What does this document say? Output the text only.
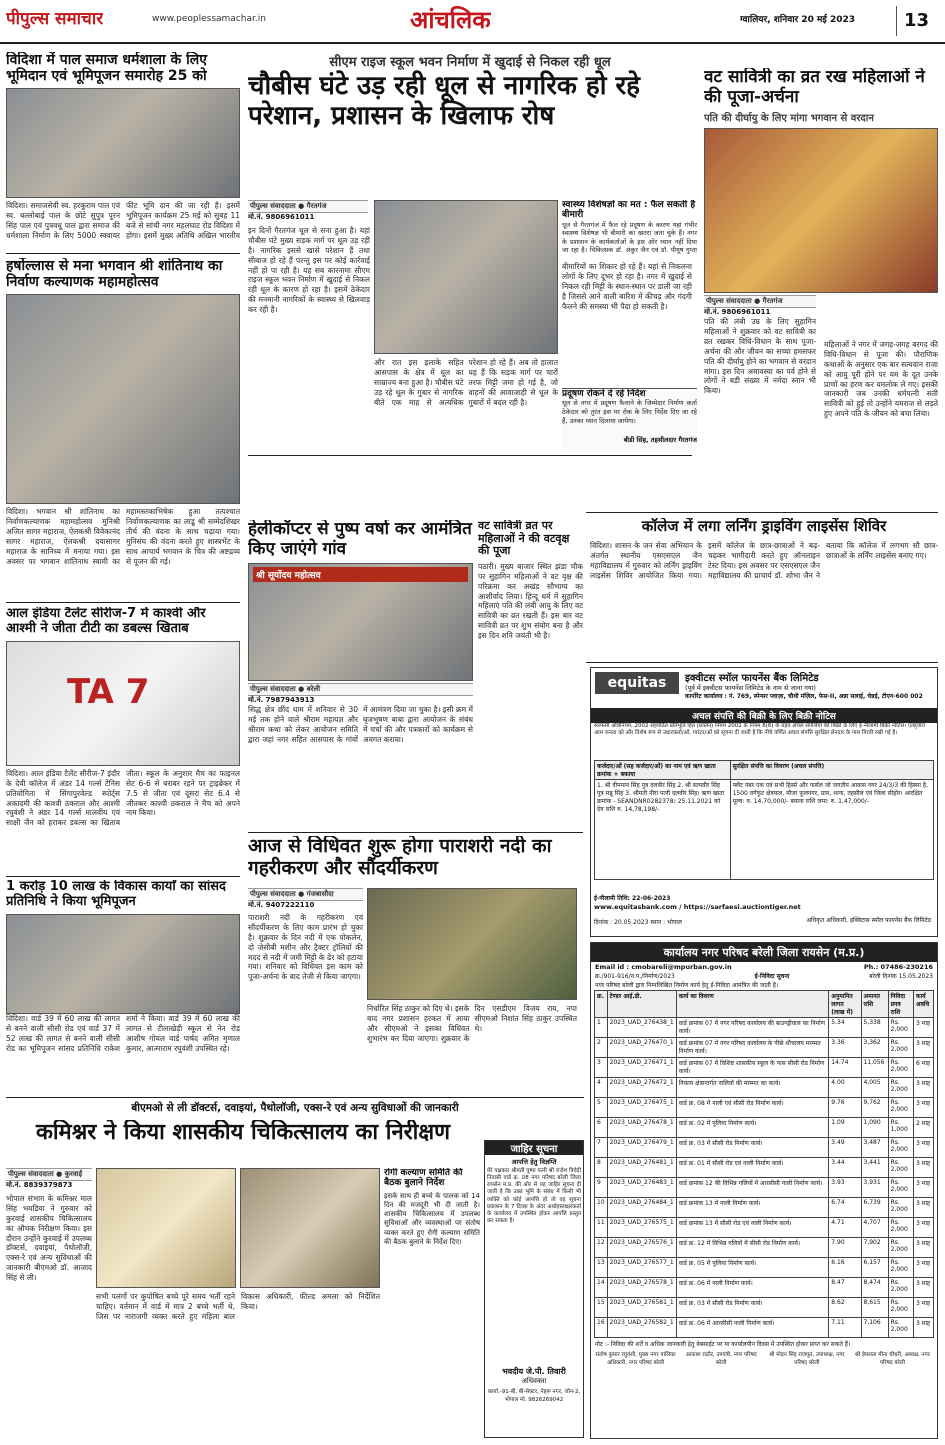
पीपुल्स समाचार	www.peoplessamachar.in	आंचलिक	ग्वालियर, शनिवार 20 मई 2023	13
विदिशा में पाल समाज धर्मशाला के लिए भूमिदान एवं भूमिपूजन समारोह 25 को
विदिशा। समाजसेवी स्व. हरकूराम पाल एवं स्व. बल्लोबाई पाल के छोटे सुपुत्र पूरन सिंह पाल एवं पुत्रवधू पाल द्वारा समाज की धर्मशाला निर्माण के लिए 5000 स्क्वायर फीट भूमि दान की जा रही है। इसमें भूमिपूजन कार्यक्रम 25 मई को सुबह 11 बजे से सांची नगर महलघाट रोड विदिशा में होगा। इसमें मुख्य अतिथि अखिल भारतीय
हर्षोल्लास से मना भगवान श्री शांतिनाथ का निर्वाण कल्याणक महामहोत्सव
विदिशा। भगवान श्री शांतिनाथ का निर्वाणकल्याणक महामहोत्सव मुनिश्री अजित सागर महाराज, ऐलकश्री विवेकानंद सागर महाराज, ऐलकश्री दयासागर महाराज के सानिध्य में मनाया गया। इस अवसर पर भगवान शांतिनाथ स्वामी का महामस्तकाभिषेक हुआ तत्पश्चात निर्वाणकल्याणक का लाडू श्री सम्मेदशिखर तीर्थ की वंदना के साथ चढ़ाया गया। मुनिसंघ की वंदना करते हुए शास्त्रभेंट के साथ आचार्य भगवान के चित्र की अष्टद्रव्य से पूजन की गई।
आल इंडिया टैलेंट सीरीज-7 में काश्वी और आश्मी ने जीता टीटी का डबल्स खिताब
TA 7
विदिशा। आल इंडिया टैलेंट सीरीज-7 इंदौर के देवी कॉलेज में अंडर 14 गर्ल्स टेनिस प्रतियोगिता में सिंगापुरवेल्ड स्पोर्ट्स अकादमी की काश्वी ठकराल और आश्मी रघुवंशी ने अंडर 14 गर्ल्स मालवीय एवं साक्षी जैन को हराकर डबल्स का खिताब जीता। स्कूल के अनुशार मैच का फाइनल सेट 6-6 से बराबर रहने पर ट्राइब्रेकर में 7.5 से जीता एवं दूसरा सेट 6.4 से जीतकर काश्वी ठकराल ने मैच को अपने नाम किया।
1 करोड़ 10 लाख के विकास कार्यों का सांसद प्रतिनिधि ने किया भूमिपूजन
विदिशा। वार्ड 39 में 60 लाख की लागत से बनने वाली सीसी रोड एवं वार्ड 37 में 52 लाख की लागत से बनने वाली सीसी रोड का भूमिपूजन सांसद प्रतिनिधि राकेश शर्मा ने किया। वार्ड 39 में 60 लाख की लागत से टीलाखेड़ी स्कूल से नेन रोड आशीष गोयल वार्ड पार्षद अमित मृणाल कुमार, आत्माराम रघुवंशी उपस्थित रहे।
सीएम राइज स्कूल भवन निर्माण में खुदाई से निकल रही धूल
चौबीस घंटे उड़ रही धूल से नागरिक हो रहे परेशान, प्रशासन के खिलाफ रोष
पीपुल्स संवाददाता ● गैरतगंज
मो.नं. 9806961011
इन दिनों गैरतगंज धूल से सना हुआ है। यहां चौबीस घंटे मुख्य सड़क मार्ग पर धूल उड़ रही है। नागरिक इससे खासे परेशान हैं तथा सीबाज हो रहे हैं परन्तु इस पर कोई कार्रवाई नहीं हो पा रही है। यह सब कारनामा सीएम राइज स्कूल भवन निर्माण में खुदाई से निकल रही धूल के कारण हो रहा है। इसमें ठेकेदार की मनमानी नागरिकों के स्वास्थ्य से खिलवाड़ कर रही है।
और रात इस इलाके सहित आसपास के क्षेत्र में धूल का साम्राज्य बना हुआ है। चौबीस घंटे उड़ रहे धूल के गुबार से नागरिक बीते एक माह से अत्यधिक परेशान हो रहे हैं। अब तो हालात यह हैं कि सड़क मार्ग पर चारों तरफ मिट्टी जमा हो गई है, जो वाहनों की आवाजाही से धूल के गुबारों में बदल रही है।
बीमारियों का शिकार हो रहे हैं। यहां से निकलना लोगों के लिए दूभर हो रहा है। नगर में खुदाई से निकल रही मिट्टी के स्थान-स्थान पर डाली जा रही है जिससे आने वाली बारिश में कीचड़ और गंदगी फैलने की समस्या भी पैदा हो सकती है।
स्वास्थ्य विशेषज्ञों का मत : फैल सकती है बीमारी
धूल से गैरतगंज में फैल रहे प्रदूषण के कारण यहां गंभीर स्वास्थ्य विशेषज्ञ भी बीमारी का खतरा जता चुके हैं। नगर के प्रशासन के कार्यकर्ताओं के इस ओर ध्यान नहीं दिया जा रहा है। चिकित्सक डॉ. अंकुर जैन एवं डॉ. पीयूष गुप्ता
प्रदूषण रोकने दे रहे निर्देश
धूल से नगर में प्रदूषण फैलाने के जिम्मेदार निर्माण कर्ता ठेकेदार को तुरंत इस पर रोक के लिए निर्देश दिए जा रहे हैं, उनका ध्यान दिलाया जायेगा।
बीडी सिंह, तहसीलदार गैरतगंज
हेलीकॉप्टर से पुष्प वर्षा कर आमंत्रित किए जाएंगे गांव
श्री सूर्योदय महोत्सव
पीपुल्स संवाददाता ● बरेली
मो.नं. 7987943913
सिद्ध क्षेत्र छींद धाम में शनिवार से 30 मई तक होने वाले श्रीराम महायज्ञ और श्रीराम कथा को लेकर आयोजन समिति द्वारा जहां नगर सहित आसपास के गांवों में आमंत्रण दिया जा चुका है। इसी क्रम में बृजभूषण बाबा द्वारा आयोजन के संबंध में चर्चा की और पत्रकारों को कार्यक्रम से अवगत कराया।
वट सावित्री व्रत पर महिलाओं ने की वटवृक्ष की पूजा
पठारी। मुख्य बाजार स्थित झंडा चौक पर सुहागिन महिलाओं ने वट वृक्ष की परिक्रमा कर अखंड सौभाग्य का आशीर्वाद लिया। हिन्दू धर्म में सुहागिन महिलाएं पति की लंबी आयु के लिए वट सावित्री का व्रत रखती हैं। इस बार वट सावित्री व्रत पर शुभ संयोग बना है और इस दिन शनि जयंती भी है।
आज से विधिवत शुरू होगा पाराशरी नदी का गहरीकरण और सौंदर्यीकरण
पीपुल्स संवाददाता ● गंजबासौदा
मो.नं. 9407222110
पाराशरी नदी के गहरीकरण एवं सौंदर्यीकरण के लिए काम प्रारंभ हो चुका है। शुक्रवार के दिन नदी में एक पोकलेन, दो जेसीबी मशीन और ट्रैक्टर ट्रॉलियों की मदद से नदी में जमी मिट्टी के ढेर को हटाया गया। शनिवार को विधिवत इस काम को पूजा-अर्चना के बाद तेजी से किया जाएगा।
निर्धारित सिंह ठाकुर को दिए थे। इसके बाद नगर प्रशासन हरकत में आया और सीएमओ ने इसका विधिवत शुभारंभ कर दिया जाएगा। शुक्रवार के दिन एसडीएम विजय राय, नपा सीएमओ निशांत सिंह ठाकुर उपस्थित थे।
वट सावित्री का व्रत रख महिलाओं ने की पूजा-अर्चना
पति की दीर्घायु के लिए मांगा भगवान से वरदान
पीपुल्स संवाददाता ● गैरतगंज
मो.नं. 9806961011
पति की लंबी उम्र के लिए सुहागिन महिलाओं ने शुक्रवार को वट सावित्री का व्रत रखकर विधि-विधान के साथ पूजा-अर्चना की और जीवन का सच्चा हमसफर पति की दीर्घायु होने का भगवान से वरदान मांगा। इस दिन अमावस्या का पर्व होने से लोगों ने बड़ी संख्या में नर्मदा स्नान भी किया।
महिलाओं ने नगर में जगह-जगह बरगद की विधि-विधान से पूजा की। पौराणिक कथाओं के अनुसार एक बार सत्यवान राजा को आयु पूरी होने पर यम के दूत उनके प्राणों का हरण कर यमलोक ले गए। इसकी जानकारी जब उनकी धर्मपत्नी सती सावित्री को हुई तो उन्होंने यमराज से लड़ते हुए अपने पति के जीवन को बचा लिया।
कॉलेज में लगा लर्निंग ड्राइविंग लाइसेंस शिविर
विदिशा। शासन के जन सेवा अभियान के अंतर्गत स्थानीय एसएसएल जैन महाविद्यालय में गुरुवार को लर्निंग ड्राइविंग लाइसेंस शिविर आयोजित किया गया। इसमें कॉलेज के छात्र-छात्राओं ने बढ़-चढ़कर भागीदारी करते हुए ऑनलाइन टेस्ट दिया। इस अवसर पर एसएसएल जैन महाविद्यालय की प्राचार्य डॉ. शोभा जैन ने बताया कि कॉलेज में लगभग सौ छात्र-छात्राओं के लर्निंग लाइसेंस बनाए गए।
equitas	इक्वीटस स्मॉल फायनेंस बैंक लिमिटेड
(पूर्व में इक्वीटस फायनेंस लिमिटेड के नाम से जाना गया)
कार्पोरेट कार्यालय : नं. 769, स्पेन्सर प्लाज़ा, चौथी मंज़िल, फेस-II, अन्ना सलाई, चेन्नई, टीएन-600 002
अचल संपत्ति की बिक्री के लिए बिक्री नोटिस
सरफेसी अधिनियम, 2002 सहपठित प्रतिभूति हित (प्रवर्तन) नियम 2002 के नियम 8(6) के तहत अचल संपत्तियों की बिक्री के लिए ई-नीलामी बिक्री नोटिस। एतद्द्वारा आम जनता को और विशेष रूप से उधारकर्ता/ओं, गारंटर/ओं को सूचना दी जाती है कि नीचे वर्णित अचल संपत्ति सुरक्षित लेनदार के पास गिरवी रखी गई है।
कर्जदार/ओं (सह कर्जदार/ओं) का नाम एवं ऋण खाता क्रमांक + बकाया	सुरक्षित संपत्ति का विवरण (अचल संपत्ति)
1. श्री दीपमान सिंह पुत्र दलवीर सिंह 2. श्री सत्यवीर सिंह पुत्र मन्नू सिंह 3. श्रीमती नीरा पत्नी दलवीर सिंह। ऋण खाता क्रमांक - SEANDNR0282378। 25.11.2021 को देय राशि रु. 14,78,198/-	फ्लैट नंबर एक एवं सभी हिस्से और पार्सल जो जगतीय आवास नगर 24/3/3 की हिस्सा है, 1500 वर्गफुट क्षेत्रफल, मौजा फूलनगर, ग्राम, थाना, तहसील एवं जिला सीहोर। आरक्षित मूल्य: रु. 14,70,000/- बयाना राशि जमा: रु. 1,47,000/-
ई-नीलामी तिथि: 22-06-2023
www.equitasbank.com / https://sarfaesi.auctiontiger.net
दिनांक : 20.05.2023 स्थान : भोपाल	अधिकृत अधिकारी, इक्विटास स्मॉल फायनेंस बैंक लिमिटेड
कार्यालय नगर परिषद बरेली जिला रायसेन (म.प्र.)
Email id : cmobareli@mpurban.gov.in	Ph.: 07486-230216
क्र./901-916/न.प./निर्माण/2023	ई-निविदा सूचना	बरेली दिनांक 15.05.2023
नगर परिषद बरेली द्वारा निम्नलिखित निर्माण कार्य हेतु ई-निविदा आमंत्रित की जाती है।
क्र.	टेण्डर आई.डी.	कार्य का विवरण	अनुमानित लागत (लाख में)	अमानत राशि	निविदा प्रपत्र राशि	कार्य अवधि
1	2023_UAD_276438_1	वार्ड क्रमांक 07 में नगर परिषद कार्यालय की बाउण्ड्रीवाल का निर्माण कार्य।	5.34	5,338	Rs. 2,000	3 माह
2	2023_UAD_276470_1	वार्ड क्रमांक 07 में नगर परिषद कार्यालय के पीछे शौचालय मरम्मत निर्माण कार्य।	3.36	3,362	Rs. 2,000	3 माह
3	2023_UAD_276471_1	वार्ड क्रमांक 07 में विशिष्ट शासकीय स्कूल के पास सीसी रोड निर्माण कार्य।	14.74	11,056	Rs. 2,000	6 माह
4	2023_UAD_276472_1	निकाय क्षेत्रान्तर्गत नालियों की मरम्मत का कार्य।	4.00	4,005	Rs. 2,000	3 माह
5	2023_UAD_276475_1	वार्ड क्र. 08 में नाली एवं सीसी रोड निर्माण कार्य।	9.76	9,762	Rs. 2,000	3 माह
6	2023_UAD_276478_1	वार्ड क्र. 02 में पुलिया निर्माण कार्य।	1.09	1,090	Rs. 1,000	2 माह
7	2023_UAD_276479_1	वार्ड क्र. 03 में सीसी रोड निर्माण कार्य।	3.49	3,487	Rs. 2,000	3 माह
8	2023_UAD_276481_1	वार्ड क्र. 01 में सीसी रोड एवं नाली निर्माण कार्य।	3.44	3,441	Rs. 2,000	3 माह
9	2023_UAD_276483_1	वार्ड क्रमांक 12 की विभिन्न गलियों में आरसीसी नाली निर्माण कार्य।	3.93	3,931	Rs. 2,000	3 माह
10	2023_UAD_276484_1	वार्ड क्रमांक 13 में नाली निर्माण कार्य।	6.74	6,739	Rs. 2,000	3 माह
11	2023_UAD_276575_1	वार्ड क्रमांक 13 में सीसी रोड एवं नाली निर्माण कार्य।	4.71	4,707	Rs. 2,000	3 माह
12	2023_UAD_276576_1	वार्ड क्र. 12 में विभिन्न गलियों में सीसी रोड निर्माण कार्य।	7.90	7,902	Rs. 2,000	3 माह
13	2023_UAD_276577_1	वार्ड क्र. 05 में पुलिया निर्माण कार्य।	6.16	6,157	Rs. 2,000	3 माह
14	2023_UAD_276578_1	वार्ड क्र. 06 में नाली निर्माण कार्य।	8.47	8,474	Rs. 2,000	3 माह
15	2023_UAD_276581_1	वार्ड क्र. 03 में सीसी रोड निर्माण कार्य।	8.62	8,615	Rs. 2,000	3 माह
16	2023_UAD_276582_1	वार्ड क्र. 06 में आरसीसी नाली निर्माण कार्य।	7.11	7,106	Rs. 2,000	3 माह
नोट :- निविदा की शर्तें व अधिक जानकारी हेतु वेबसाईट पर या कार्यालयीन दिवस में उपस्थित होकर प्राप्त कर सकते हैं।
संतोष कुमार रघुवंशी, मुख्य नगर पालिका अधिकारी, नगर परिषद बरेली
आकाश राठौर, उपयंत्री, नगर परिषद बरेली
श्री मोहन सिंह राजपूत, उपाध्यक्ष, नगर परिषद बरेली
श्री हेमलता मीना चौधरी, अध्यक्ष, नगर परिषद बरेली
बीएमओ से ली डॉक्टर्स, दवाइयां, पैथोलॉजी, एक्स-रे एवं अन्य सुविधाओं की जानकारी
कमिश्नर ने किया शासकीय चिकित्सालय का निरीक्षण
पीपुल्स संवाददाता ● कुरवाई
मो.नं. 8839379873
भोपाल संभाग के कमिश्नर माल सिंह भयडिया ने गुरुवार को कुरवाई शासकीय चिकित्सालय का औचक निरीक्षण किया। इस दौरान उन्होंने कुरवाई में उपलब्ध डॉक्टर्स, दवाइयां, पैथोलॉजी, एक्स-रे एवं अन्य सुविधाओं की जानकारी बीएमओ डॉ. आजाद सिंह से ली।
सभी पलंगों पर कुपोषित बच्चे पूरे समय भर्ती रहने चाहिए। वर्तमान में वार्ड में मात्र 2 बच्चे भर्ती थे, जिस पर नाराजगी व्यक्त करते हुए महिला बाल विकास अधिकारी, फील्ड अमला को निर्देशित किया।
रोगी कल्याण समिति की बैठक बुलाने निर्देश
इसके साथ ही बच्चे के पालक को 14 दिन की मजदूरी भी दी जाती है। शासकीय चिकित्सालय में उपलब्ध सुविधाओं और व्यवस्थाओं पर संतोष व्यक्त करते हुए रोगी कल्याण समिति की बैठक बुलाने के निर्देश दिए।
जाहिर सूचना
आपत्ति हेतु विज्ञप्ति
मेरे पक्षकार श्रीमती पुष्पा पत्नी श्री राजेश त्रिवेदी निवासी वार्ड क्र. 08 नगर परिषद बरेली जिला रायसेन म.प्र. की ओर से यह जाहिर सूचना दी जाती है कि उक्त भूमि के संबंध में किसी भी व्यक्ति को कोई आपत्ति हो तो वह सूचना प्रकाशन के 7 दिवस के अंदर अधोहस्ताक्षरकर्ता के कार्यालय में उपस्थित होकर आपत्ति प्रस्तुत कर सकता है।
भवदीय जे.पी. तिवारी
अधिवक्ता
कार्या.-91-बी, बी-सेक्टर, नेहरू नगर, जोन-2, भोपाल मो. 9826269042
